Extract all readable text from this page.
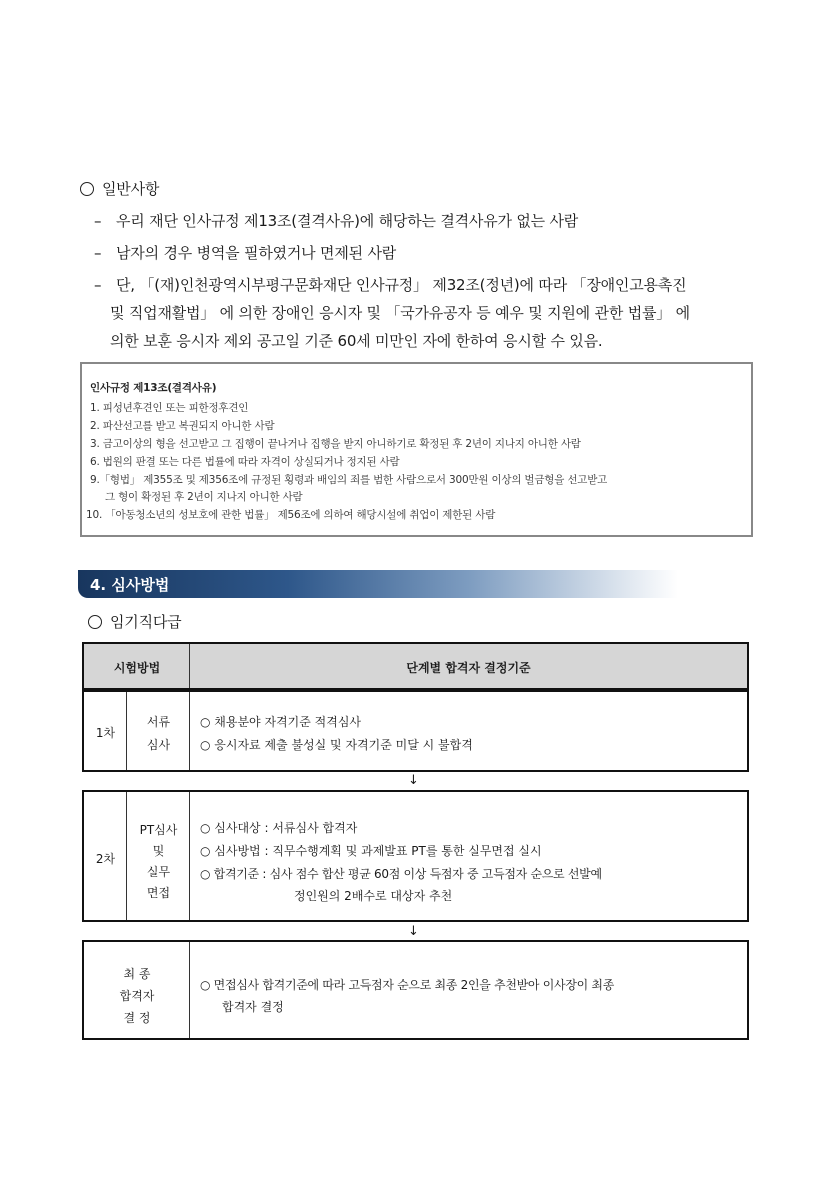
일반사항
– 우리 재단 인사규정 제13조(결격사유)에 해당하는 결격사유가 없는 사람
– 남자의 경우 병역을 필하였거나 면제된 사람
– 단, 「(재)인천광역시부평구문화재단 인사규정」 제32조(정년)에 따라 「장애인고용촉진
및 직업재활법」 에 의한 장애인 응시자 및 「국가유공자 등 예우 및 지원에 관한 법률」 에
의한 보훈 응시자 제외 공고일 기준 60세 미만인 자에 한하여 응시할 수 있음.
인사규정 제13조(결격사유)
1. 피성년후견인 또는 피한정후견인
2. 파산선고를 받고 복권되지 아니한 사람
3. 금고이상의 형을 선고받고 그 집행이 끝나거나 집행을 받지 아니하기로 확정된 후 2년이 지나지 아니한 사람
6. 법원의 판결 또는 다른 법률에 따라 자격이 상실되거나 정지된 사람
9.「형법」 제355조 및 제356조에 규정된 횡령과 배임의 죄를 범한 사람으로서 300만원 이상의 벌금형을 선고받고
그 형이 확정된 후 2년이 지나지 아니한 사람
10. 「아동청소년의 성보호에 관한 법률」 제56조에 의하여 해당시설에 취업이 제한된 사람
4. 심사방법
임기직다급
시험방법	단계별 합격자 결정기준
1차
서류
심사
○ 채용분야 자격기준 적격심사
○ 응시자료 제출 불성실 및 자격기준 미달 시 불합격
↓
2차
PT심사
및
실무
면접
○ 심사대상 : 서류심사 합격자
○ 심사방법 : 직무수행계획 및 과제발표 PT를 통한 실무면접 실시
○ 합격기준 : 심사 점수 합산 평균 60점 이상 득점자 중 고득점자 순으로 선발예
정인원의 2배수로 대상자 추천
↓
최 종
합격자
결 정
○ 면접심사 합격기준에 따라 고득점자 순으로 최종 2인을 추천받아 이사장이 최종
합격자 결정
